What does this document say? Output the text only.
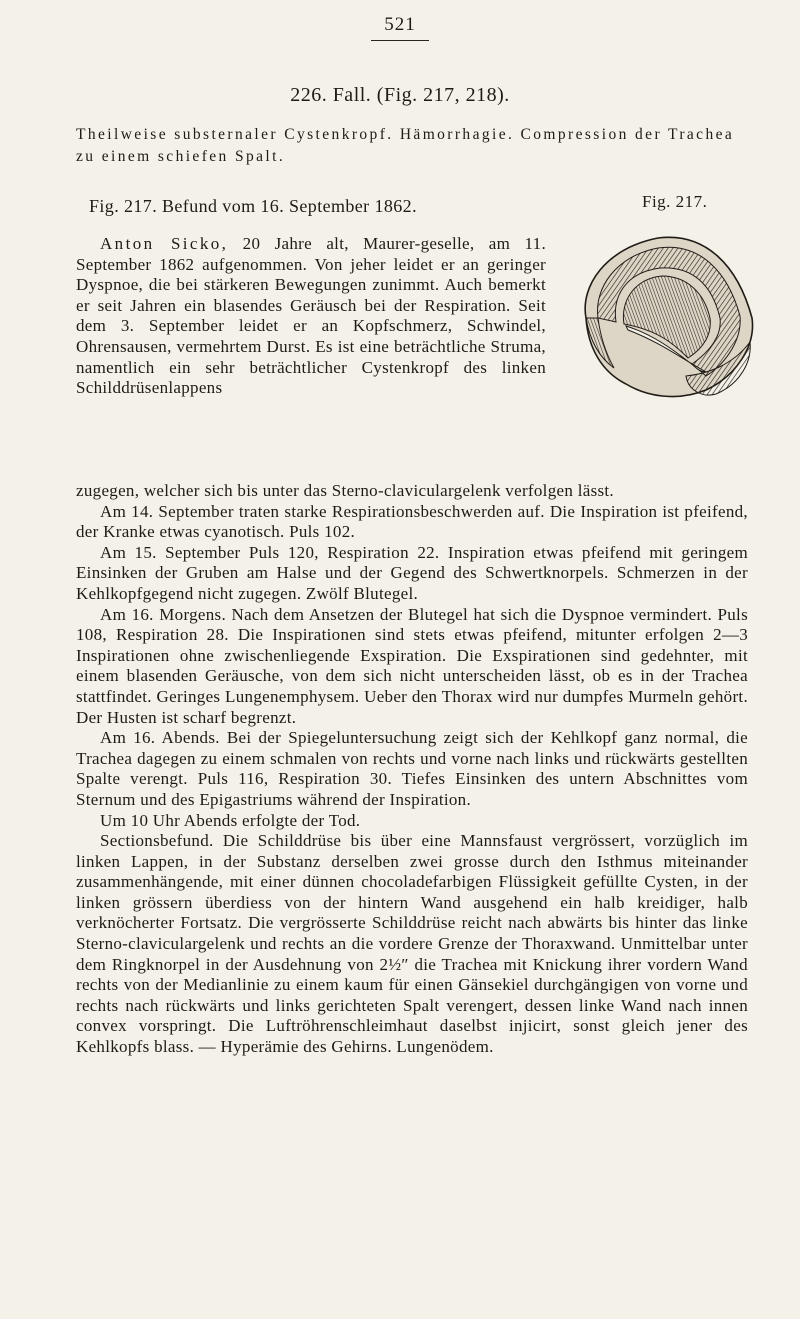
521
226. Fall. (Fig. 217, 218).
Theilweise substernaler Cystenkropf. Hämorrhagie. Compression der Trachea zu einem schiefen Spalt.
Fig. 217.
Fig. 217. Befund vom 16. September 1862.
Anton Sicko, 20 Jahre alt, Maurer-geselle, am 11. September 1862 aufgenommen. Von jeher leidet er an geringer Dyspnoe, die bei stärkeren Bewegungen zunimmt. Auch bemerkt er seit Jahren ein blasendes Geräusch bei der Respiration. Seit dem 3. September leidet er an Kopfschmerz, Schwindel, Ohrensausen, vermehrtem Durst. Es ist eine beträchtliche Struma, namentlich ein sehr beträchtlicher Cystenkropf des linken Schilddrüsenlappens

zugegen, welcher sich bis unter das Sterno-claviculargelenk verfolgen lässt.

Am 14. September traten starke Respirationsbeschwerden auf. Die Inspiration ist pfeifend, der Kranke etwas cyanotisch. Puls 102.

Am 15. September Puls 120, Respiration 22. Inspiration etwas pfeifend mit geringem Einsinken der Gruben am Halse und der Gegend des Schwertknorpels. Schmerzen in der Kehlkopfgegend nicht zugegen. Zwölf Blutegel.

Am 16. Morgens. Nach dem Ansetzen der Blutegel hat sich die Dyspnoe vermindert. Puls 108, Respiration 28. Die Inspirationen sind stets etwas pfeifend, mitunter erfolgen 2—3 Inspirationen ohne zwischenliegende Exspiration. Die Exspirationen sind gedehnter, mit einem blasenden Geräusche, von dem sich nicht unterscheiden lässt, ob es in der Trachea stattfindet. Geringes Lungenemphysem. Ueber den Thorax wird nur dumpfes Murmeln gehört. Der Husten ist scharf begrenzt.

Am 16. Abends. Bei der Spiegeluntersuchung zeigt sich der Kehlkopf ganz normal, die Trachea dagegen zu einem schmalen von rechts und vorne nach links und rückwärts gestellten Spalte verengt. Puls 116, Respiration 30. Tiefes Einsinken des untern Abschnittes vom Sternum und des Epigastriums während der Inspiration.

Um 10 Uhr Abends erfolgte der Tod.

Sectionsbefund. Die Schilddrüse bis über eine Mannsfaust vergrössert, vorzüglich im linken Lappen, in der Substanz derselben zwei grosse durch den Isthmus miteinander zusammenhängende, mit einer dünnen chocoladefarbigen Flüssigkeit gefüllte Cysten, in der linken grössern überdiess von der hintern Wand ausgehend ein halb kreidiger, halb verknöcherter Fortsatz. Die vergrösserte Schilddrüse reicht nach abwärts bis hinter das linke Sterno-claviculargelenk und rechts an die vordere Grenze der Thoraxwand. Unmittelbar unter dem Ringknorpel in der Ausdehnung von 2½″ die Trachea mit Knickung ihrer vordern Wand rechts von der Medianlinie zu einem kaum für einen Gänsekiel durchgängigen von vorne und rechts nach rückwärts und links gerichteten Spalt verengert, dessen linke Wand nach innen convex vorspringt. Die Luftröhrenschleimhaut daselbst injicirt, sonst gleich jener des Kehlkopfs blass. — Hyperämie des Gehirns. Lungenödem.
